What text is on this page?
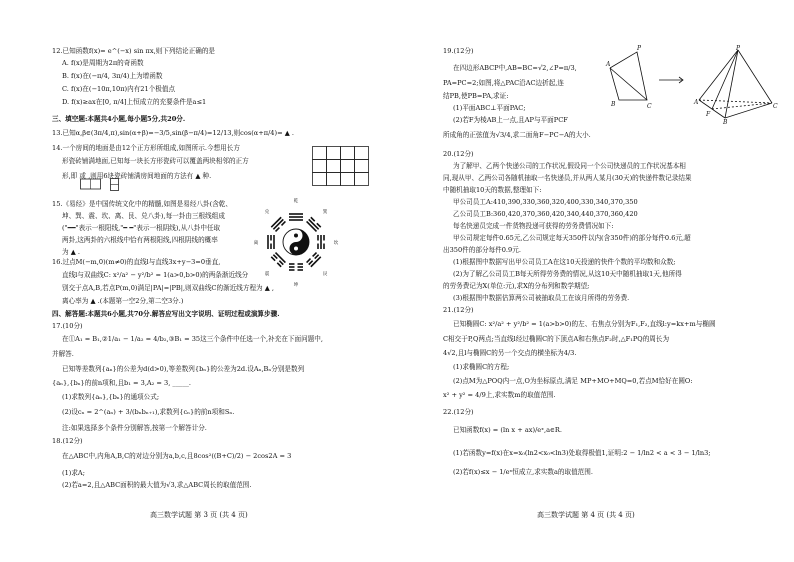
12.已知函数f(x)= e^(−x) sin πx,则下列结论正确的是
A. f(x)是周期为2π的奇函数
B. f(x)在(−π/4, 3π/4)上为增函数
C. f(x)在(−10π,10π)内有21个极值点
D. f(x)≥ax在[0, π/4]上恒成立的充要条件是a≤1
三、填空题:本题共4小题,每小题5分,共20分.
13.已知α,β∈(3π/4,π),sin(α+β)=−3/5,sin(β−π/4)=12/13,则cos(α+π/4)= ▲ .
14.一个房间的地面是由12个正方形所组成,如图所示.今想用长方
形瓷砖铺满地面,已知每一块长方形瓷砖可以覆盖两块相邻的正方
形,即 或 ,则用6块瓷砖铺满房间地面的方法有 ▲ 种.
15.《易经》是中国传统文化中的精髓,如图是易经八卦(含乾、
坤、巽、震、坎、离、艮、兑八卦),每一卦由三根线组成
("━━"表示一根阳线,"━ ━"表示一根阴线),从八卦中任取
两卦,这两卦的六根线中恰有两根阳线,四根阴线的概率
为 ▲ .
乾
巽
坎
艮
坤
震
离
兑
16.过点M(−m,0)(m≠0)的直线l与直线3x+y−3=0垂直,
直线l与双曲线C: x²/a² − y²/b² = 1(a>0,b>0)的两条渐近线分
别交于点A,B,若点P(m,0)满足|PA|=|PB|,则双曲线C的渐近线方程为 ▲ ,
离心率为 ▲ .(本题第一空2分,第二空3分.)
四、解答题:本题共6小题,共70分.解答应写出文字说明、证明过程或演算步骤.
17.(10分)
在①A₁ = B₁,②1/a₁ − 1/a₂ = 4/b₂,③B₁ = 35这三个条件中任选一个,补充在下面问题中,
并解答.
已知等差数列{aₙ}的公差为d(d>0),等差数列{bₙ}的公差为2d.设Aₙ,Bₙ分别是数列
{aₙ},{bₙ}的前n项和,且b₁ = 3,A₂ = 3, _____.
(1)求数列{aₙ},{bₙ}的通项公式;
(2)设cₙ = 2^(aₙ) + 3/(bₙbₙ₊₁),求数列{cₙ}的前n项和Sₙ.
注:如果选择多个条件分别解答,按第一个解答计分.
18.(12分)
在△ABC中,内角A,B,C的对边分别为a,b,c,且8cos²((B+C)/2) − 2cos2A = 3
(1)求A;
(2)若a=2,且△ABC面积的最大值为√3,求△ABC周长的取值范围.
高三数学试题 第 3 页 (共 4 页)
19.(12分)
在四边形ABCP中,AB=BC=√2,∠P=π/3,
PA=PC=2;如图,将△PAC沿AC边折起,连
结PB,使PB=PA,求证:
(1)平面ABC⊥平面PAC;
(2)若F为棱AB上一点,且AP与平面PCF
所成角的正弦值为√3/4,求二面角F−PC−A的大小.
P
A
B	C
P
A
F
B
C
20.(12分)
为了解甲、乙两个快递公司的工作状况,假设同一个公司快递员的工作状况基本相
同,现从甲、乙两公司各随机抽取一名快递员,并从两人某月(30天)的快递件数记录结果
中随机抽取10天的数据,整理如下:
甲公司员工A:410,390,330,360,320,400,330,340,370,350
乙公司员工B:360,420,370,360,420,340,440,370,360,420
每名快递员完成一件货物投递可获得的劳务费情况如下:
甲公司规定每件0.65元,乙公司规定每天350件以内(含350件)的部分每件0.6元,超
出350件的部分每件0.9元.
(1)根据图中数据写出甲公司员工A在这10天投递的快件个数的平均数和众数;
(2)为了解乙公司员工B每天所得劳务费的情况,从这10天中随机抽取1天,他所得
的劳务费记为X(单位:元),求X的分布列和数学期望;
(3)根据图中数据估算两公司被抽取员工在该月所得的劳务费.
21.(12分)
已知椭圆C: x²/a² + y²/b² = 1(a>b>0)的左、右焦点分别为F₁,F₂,直线l:y=kx+m与椭圆
C相交于P,Q两点;当直线l经过椭圆C的下顶点A和右焦点F₂时,△F₁PQ的周长为
4√2,且l与椭圆C的另一个交点的横坐标为4/3.
(1)求椭圆C的方程;
(2)点M为△POQ内一点,O为坐标原点,满足 MP+MO+MQ=0,若点M恰好在圆O:
x² + y² = 4/9上,求实数m的取值范围.
22.(12分)
已知函数f(x) = (ln x + ax)/eˣ,a∈R.
(1)若函数y=f(x)在x=x₀(ln2<x₀<ln3)处取得极值1,证明:2 − 1/ln2 < a < 3 − 1/ln3;
(2)若f(x)≤x − 1/eˣ恒成立,求实数a的取值范围.
高三数学试题 第 4 页 (共 4 页)
